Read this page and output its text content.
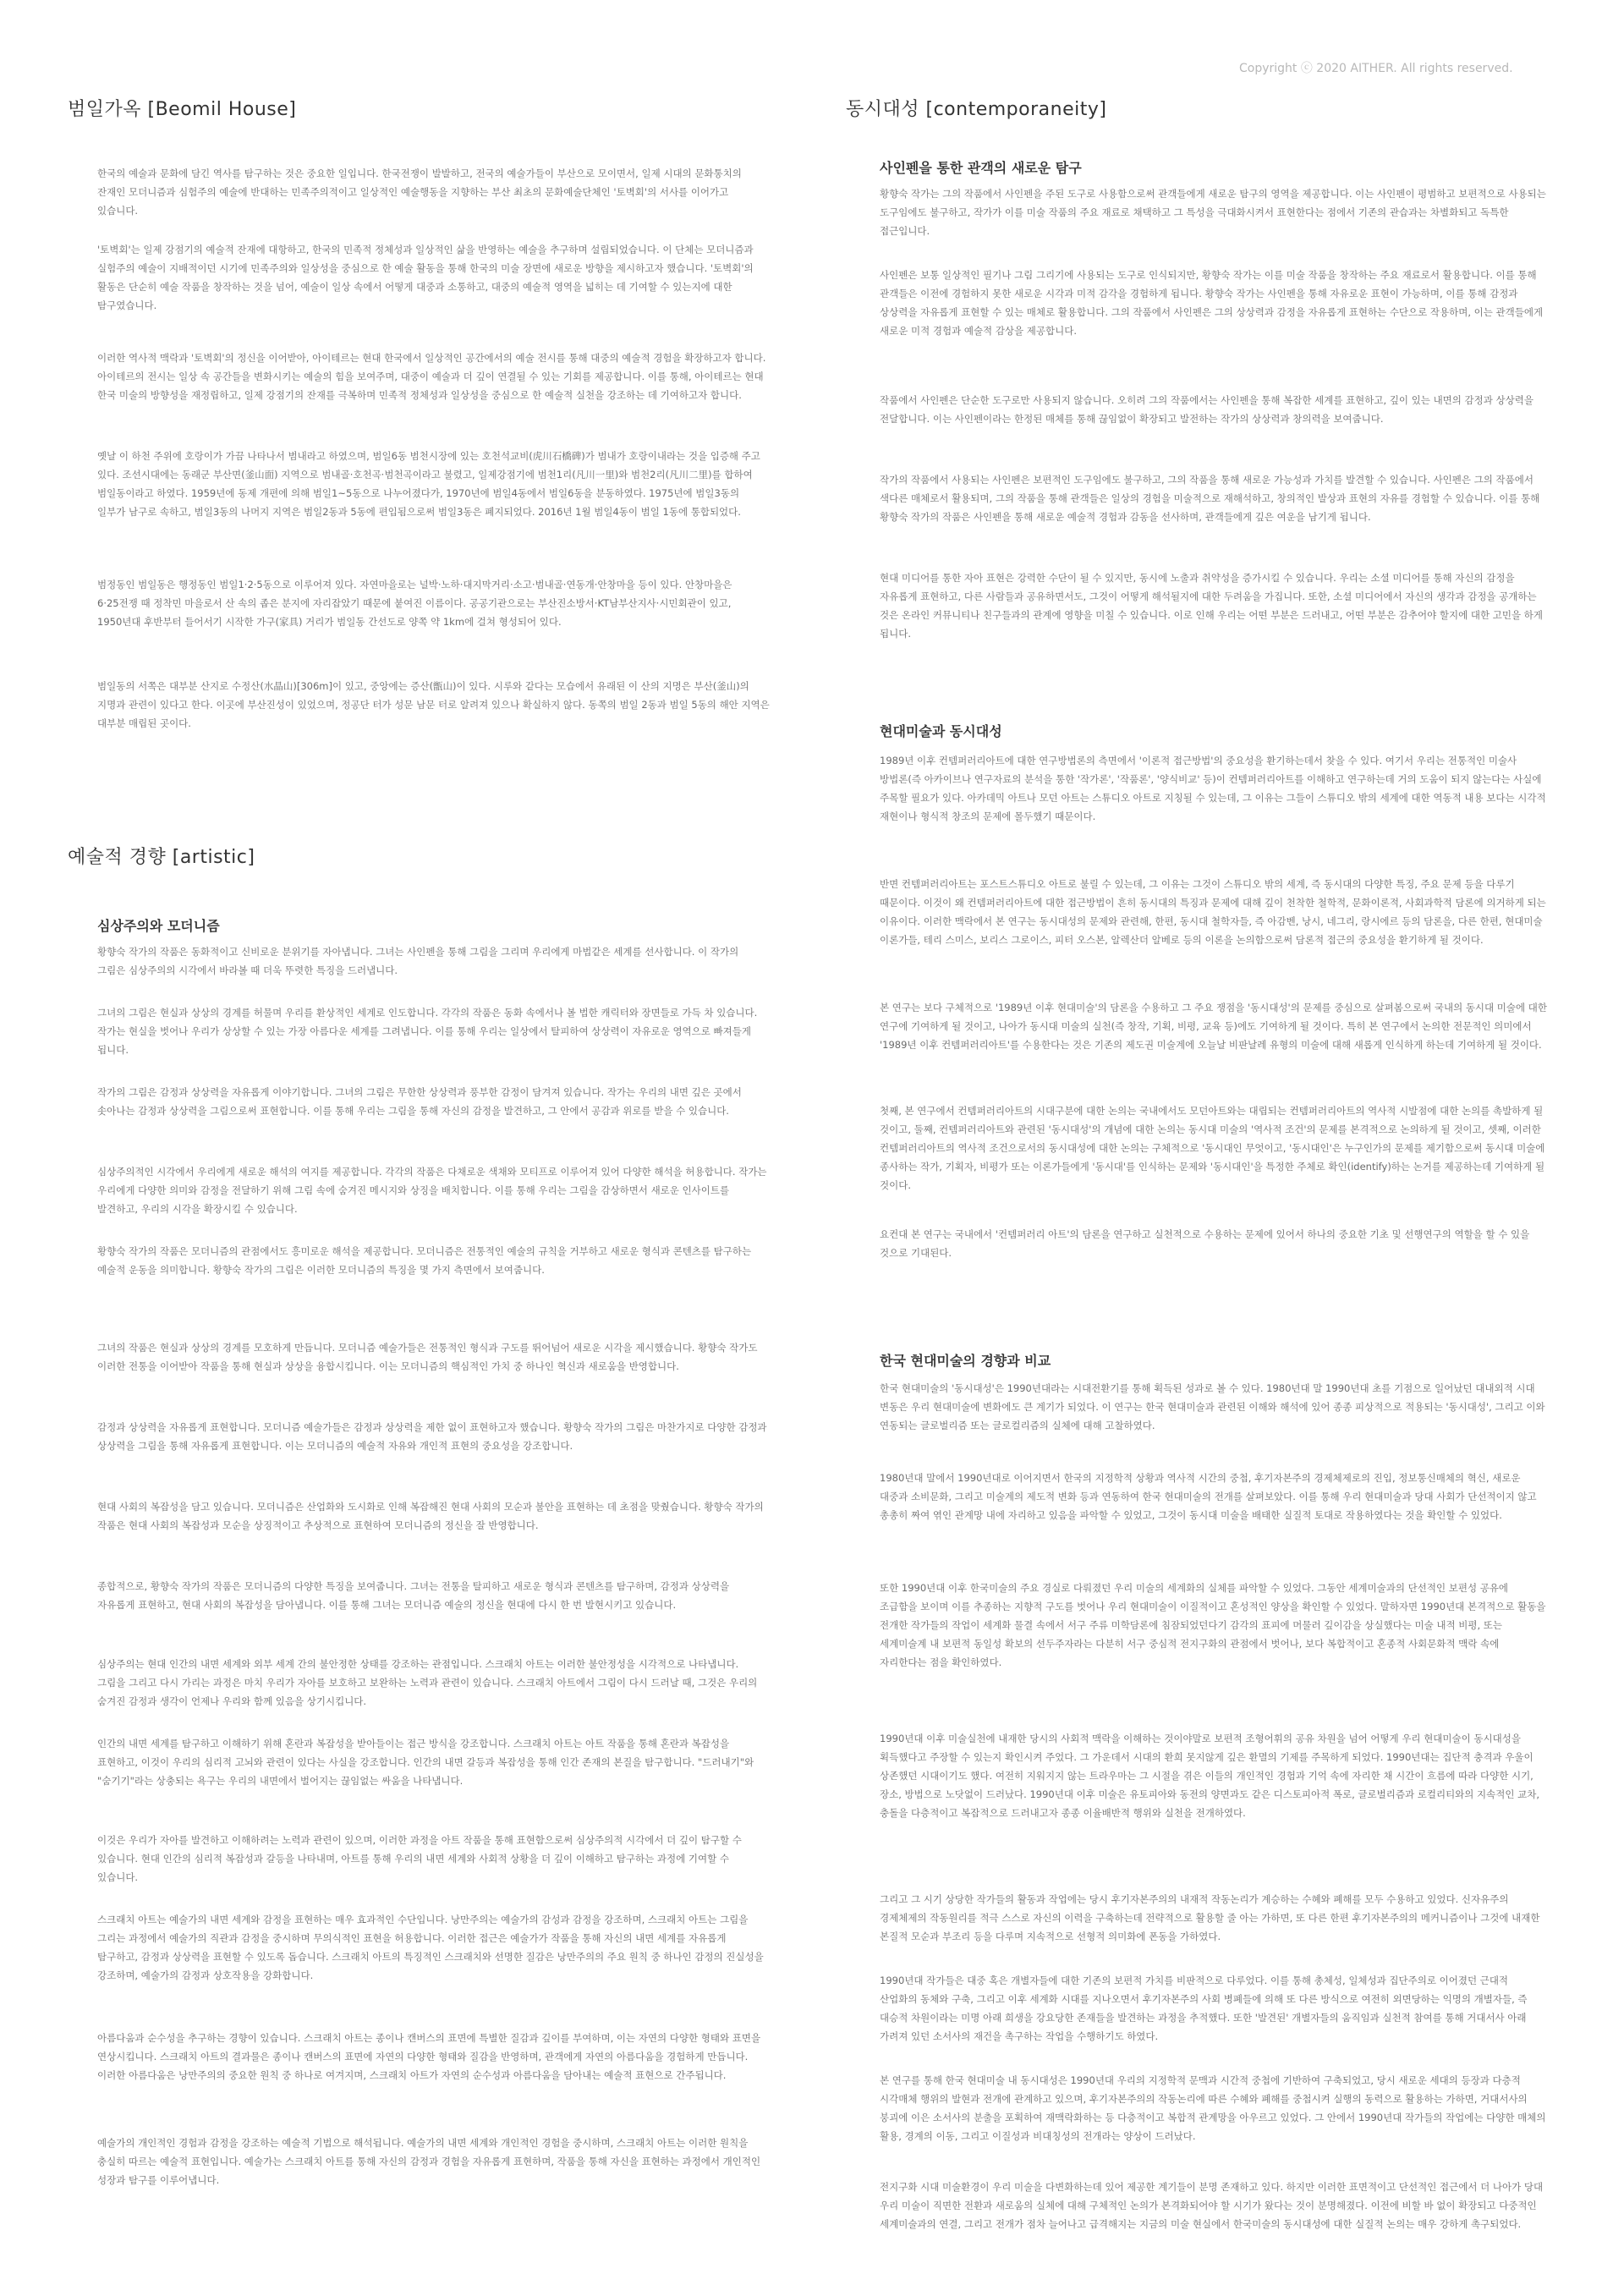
Copyright ⓒ 2020 AITHER. All rights reserved.
범일가옥 [Beomil House]

한국의 예술과 문화에 담긴 역사를 탐구하는 것은 중요한 일입니다. 한국전쟁이 발발하고, 전국의 예술가들이 부산으로 모이면서, 일제 시대의 문화통치의 잔재인 모더니즘과 심험주의 예술에 반대하는 민족주의적이고 일상적인 예술행동을 지향하는 부산 최초의 문화예술단체인 '토벽회'의 서사를 이어가고 있습니다.

'토벽회'는 일제 강점기의 예술적 잔재에 대항하고, 한국의 민족적 정체성과 일상적인 삶을 반영하는 예술을 추구하며 설립되었습니다. 이 단체는 모더니즘과 실험주의 예술이 지배적이던 시기에 민족주의와 일상성을 중심으로 한 예술 활동을 통해 한국의 미술 장면에 새로운 방향을 제시하고자 했습니다. '토벽회'의 활동은 단순히 예술 작품을 창작하는 것을 넘어, 예술이 일상 속에서 어떻게 대중과 소통하고, 대중의 예술적 영역을 넓히는 데 기여할 수 있는지에 대한 탐구였습니다.

이러한 역사적 맥락과 '토벽회'의 정신을 이어받아, 아이테르는 현대 한국에서 일상적인 공간에서의 예술 전시를 통해 대중의 예술적 경험을 확장하고자 합니다. 아이테르의 전시는 일상 속 공간들을 변화시키는 예술의 힘을 보여주며, 대중이 예술과 더 깊이 연결될 수 있는 기회를 제공합니다. 이를 통해, 아이테르는 현대 한국 미술의 방향성을 재정립하고, 일제 강점기의 잔재를 극복하며 민족적 정체성과 일상성을 중심으로 한 예술적 실천을 강조하는 데 기여하고자 합니다.

옛날 이 하천 주위에 호랑이가 가끔 나타나서 범내라고 하였으며, 범일6동 범천시장에 있는 호천석교비(虎川石橋碑)가 범내가 호랑이내라는 것을 입증해 주고 있다. 조선시대에는 동래군 부산면(釜山面) 지역으로 범내골·호천곡·범천곡이라고 불렸고, 일제강점기에 범천1리(凡川一里)와 범천2리(凡川二里)를 합하여 범일동이라고 하였다. 1959년에 동제 개편에 의해 범일1~5동으로 나누어졌다가, 1970년에 범일4동에서 범일6동을 분동하였다. 1975년에 범일3동의 일부가 남구로 속하고, 범일3동의 나머지 지역은 범일2동과 5동에 편입됨으로써 범일3동은 폐지되었다. 2016년 1월 범일4동이 범일 1동에 통합되었다.

범정동인 범일동은 행정동인 범일1·2·5동으로 이루어져 있다. 자연마을로는 널박·노하·대지막거리·소고·범내골·연동개·안창마을 등이 있다. 안창마을은 6·25전쟁 때 정착민 마을로서 산 속의 좁은 분지에 자리잡았기 때문에 붙여진 이름이다. 공공기관으로는 부산진소방서·KT남부산지사·시민회관이 있고, 1950년대 후반부터 들어서기 시작한 가구(家具) 거리가 범일동 간선도로 양쪽 약 1km에 걸쳐 형성되어 있다.

범일동의 서쪽은 대부분 산지로 수정산(水晶山)[306m]이 있고, 중앙에는 증산(甑山)이 있다. 시루와 같다는 모습에서 유래된 이 산의 지명은 부산(釜山)의 지명과 관련이 있다고 한다. 이곳에 부산진성이 있었으며, 정공단 터가 성문 남문 터로 알려져 있으나 확실하지 않다. 동쪽의 범일 2동과 범일 5동의 해안 지역은 대부분 매립된 곳이다.

예술적 경향 [artistic]
심상주의와 모더니즘

황향숙 작가의 작품은 동화적이고 신비로운 분위기를 자아냅니다. 그녀는 사인펜을 통해 그림을 그리며 우리에게 마법같은 세계를 선사합니다. 이 작가의 그림은 심상주의의 시각에서 바라볼 때 더욱 뚜렷한 특징을 드러냅니다.

그녀의 그림은 현실과 상상의 경계를 허물며 우리를 환상적인 세계로 인도합니다. 각각의 작품은 동화 속에서나 볼 법한 캐릭터와 장면들로 가득 차 있습니다. 작가는 현실을 벗어나 우리가 상상할 수 있는 가장 아름다운 세계를 그려냅니다. 이를 통해 우리는 일상에서 탈피하여 상상력이 자유로운 영역으로 빠져들게 됩니다.

작가의 그림은 감정과 상상력을 자유롭게 이야기합니다. 그녀의 그림은 무한한 상상력과 풍부한 감정이 담겨져 있습니다. 작가는 우리의 내면 깊은 곳에서 솟아나는 감정과 상상력을 그림으로써 표현합니다. 이를 통해 우리는 그림을 통해 자신의 감정을 발견하고, 그 안에서 공감과 위로를 받을 수 있습니다.

심상주의적인 시각에서 우리에게 새로운 해석의 여지를 제공합니다. 각각의 작품은 다채로운 색채와 모티프로 이루어져 있어 다양한 해석을 허용합니다. 작가는 우리에게 다양한 의미와 감정을 전달하기 위해 그림 속에 숨겨진 메시지와 상징을 배치합니다. 이를 통해 우리는 그림을 감상하면서 새로운 인사이트를 발견하고, 우리의 시각을 확장시킬 수 있습니다.

황향숙 작가의 작품은 모더니즘의 관점에서도 흥미로운 해석을 제공합니다. 모더니즘은 전통적인 예술의 규칙을 거부하고 새로운 형식과 콘텐츠를 탐구하는 예술적 운동을 의미합니다. 황향숙 작가의 그림은 이러한 모더니즘의 특징을 몇 가지 측면에서 보여줍니다.

그녀의 작품은 현실과 상상의 경계를 모호하게 만듭니다. 모더니즘 예술가들은 전통적인 형식과 구도를 뛰어넘어 새로운 시각을 제시했습니다. 황향숙 작가도 이러한 전통을 이어받아 작품을 통해 현실과 상상을 융합시킵니다. 이는 모더니즘의 핵심적인 가치 중 하나인 혁신과 새로움을 반영합니다.

감정과 상상력을 자유롭게 표현합니다. 모더니즘 예술가들은 감정과 상상력을 제한 없이 표현하고자 했습니다. 황향숙 작가의 그림은 마찬가지로 다양한 감정과 상상력을 그림을 통해 자유롭게 표현합니다. 이는 모더니즘의 예술적 자유와 개인적 표현의 중요성을 강조합니다.

현대 사회의 복잡성을 담고 있습니다. 모더니즘은 산업화와 도시화로 인해 복잡해진 현대 사회의 모순과 불안을 표현하는 데 초점을 맞췄습니다. 황향숙 작가의 작품은 현대 사회의 복잡성과 모순을 상징적이고 추상적으로 표현하여 모더니즘의 정신을 잘 반영합니다.

종합적으로, 황향숙 작가의 작품은 모더니즘의 다양한 특징을 보여줍니다. 그녀는 전통을 탈피하고 새로운 형식과 콘텐츠를 탐구하며, 감정과 상상력을 자유롭게 표현하고, 현대 사회의 복잡성을 담아냅니다. 이를 통해 그녀는 모더니즘 예술의 정신을 현대에 다시 한 번 발현시키고 있습니다.

심상주의는 현대 인간의 내면 세계와 외부 세계 간의 불안정한 상태를 강조하는 관점입니다. 스크래치 아트는 이러한 불안정성을 시각적으로 나타냅니다. 그림을 그리고 다시 가리는 과정은 마치 우리가 자아를 보호하고 보완하는 노력과 관련이 있습니다. 스크래치 아트에서 그림이 다시 드러날 때, 그것은 우리의 숨겨진 감정과 생각이 언제나 우리와 함께 있음을 상기시킵니다.

인간의 내면 세계를 탐구하고 이해하기 위해 혼란과 복잡성을 받아들이는 접근 방식을 강조합니다. 스크래치 아트는 아트 작품을 통해 혼란과 복잡성을 표현하고, 이것이 우리의 심리적 고뇌와 관련이 있다는 사실을 강조합니다. 인간의 내면 갈등과 복잡성을 통해 인간 존재의 본질을 탐구합니다. "드러내기"와 "숨기기"라는 상충되는 욕구는 우리의 내면에서 벌어지는 끊임없는 싸움을 나타냅니다.

이것은 우리가 자아를 발견하고 이해하려는 노력과 관련이 있으며, 이러한 과정을 아트 작품을 통해 표현함으로써 심상주의적 시각에서 더 깊이 탐구할 수 있습니다. 현대 인간의 심리적 복잡성과 갈등을 나타내며, 아트를 통해 우리의 내면 세계와 사회적 상황을 더 깊이 이해하고 탐구하는 과정에 기여할 수 있습니다.

스크래치 아트는 예술가의 내면 세계와 감정을 표현하는 매우 효과적인 수단입니다. 낭만주의는 예술가의 감성과 감정을 강조하며, 스크래치 아트는 그림을 그리는 과정에서 예술가의 직관과 감정을 중시하며 무의식적인 표현을 허용합니다. 이러한 접근은 예술가가 작품을 통해 자신의 내면 세계를 자유롭게 탐구하고, 감정과 상상력을 표현할 수 있도록 돕습니다. 스크래치 아트의 특징적인 스크래치와 선명한 질감은 낭만주의의 주요 원칙 중 하나인 감정의 진실성을 강조하며, 예술가의 감정과 상호작용을 강화합니다.

아름다움과 순수성을 추구하는 경향이 있습니다. 스크래치 아트는 종이나 캔버스의 표면에 특별한 질감과 깊이를 부여하며, 이는 자연의 다양한 형태와 표면을 연상시킵니다. 스크래치 아트의 결과물은 종이나 캔버스의 표면에 자연의 다양한 형태와 질감을 반영하며, 관객에게 자연의 아름다움을 경험하게 만듭니다. 이러한 아름다움은 낭만주의의 중요한 원칙 중 하나로 여겨지며, 스크래치 아트가 자연의 순수성과 아름다움을 담아내는 예술적 표현으로 간주됩니다.

예술가의 개인적인 경험과 감정을 강조하는 예술적 기법으로 해석됩니다. 예술가의 내면 세계와 개인적인 경험을 중시하며, 스크래치 아트는 이러한 원칙을 충실히 따르는 예술적 표현입니다. 예술가는 스크래치 아트를 통해 자신의 감정과 경험을 자유롭게 표현하며, 작품을 통해 자신을 표현하는 과정에서 개인적인 성장과 탐구를 이루어냅니다.

동시대성 [contemporaneity]
사인펜을 통한 관객의 새로운 탐구

황향숙 작가는 그의 작품에서 사인펜을 주된 도구로 사용함으로써 관객들에게 새로운 탐구의 영역을 제공합니다. 이는 사인펜이 평범하고 보편적으로 사용되는 도구임에도 불구하고, 작가가 이를 미술 작품의 주요 재료로 채택하고 그 특성을 극대화시켜서 표현한다는 점에서 기존의 관습과는 차별화되고 독특한 접근입니다.

사인펜은 보통 일상적인 필기나 그림 그리기에 사용되는 도구로 인식되지만, 황향숙 작가는 이를 미술 작품을 창작하는 주요 재료로서 활용합니다. 이를 통해 관객들은 이전에 경험하지 못한 새로운 시각과 미적 감각을 경험하게 됩니다. 황향숙 작가는 사인펜을 통해 자유로운 표현이 가능하며, 이를 통해 감정과 상상력을 자유롭게 표현할 수 있는 매체로 활용합니다. 그의 작품에서 사인펜은 그의 상상력과 감정을 자유롭게 표현하는 수단으로 작용하며, 이는 관객들에게 새로운 미적 경험과 예술적 감상을 제공합니다.

작품에서 사인펜은 단순한 도구로만 사용되지 않습니다. 오히려 그의 작품에서는 사인펜을 통해 복잡한 세계를 표현하고, 깊이 있는 내면의 감정과 상상력을 전달합니다. 이는 사인펜이라는 한정된 매체를 통해 끊임없이 확장되고 발전하는 작가의 상상력과 창의력을 보여줍니다.

작가의 작품에서 사용되는 사인펜은 보편적인 도구임에도 불구하고, 그의 작품을 통해 새로운 가능성과 가치를 발견할 수 있습니다. 사인펜은 그의 작품에서 색다른 매체로서 활용되며, 그의 작품을 통해 관객들은 일상의 경험을 미술적으로 재해석하고, 창의적인 발상과 표현의 자유를 경험할 수 있습니다. 이를 통해 황향숙 작가의 작품은 사인펜을 통해 새로운 예술적 경험과 감동을 선사하며, 관객들에게 깊은 여운을 남기게 됩니다.

현대 미디어를 통한 자아 표현은 강력한 수단이 될 수 있지만, 동시에 노출과 취약성을 증가시킬 수 있습니다. 우리는 소셜 미디어를 통해 자신의 감정을 자유롭게 표현하고, 다른 사람들과 공유하면서도, 그것이 어떻게 해석될지에 대한 두려움을 가집니다. 또한, 소셜 미디어에서 자신의 생각과 감정을 공개하는 것은 온라인 커뮤니티나 친구들과의 관계에 영향을 미칠 수 있습니다. 이로 인해 우리는 어떤 부분은 드러내고, 어떤 부분은 감추어야 할지에 대한 고민을 하게 됩니다.

현대미술과 동시대성

1989년 이후 컨템퍼러리아트에 대한 연구방법론의 측면에서 '이론적 접근방법'의 중요성을 환기하는데서 찾을 수 있다. 여기서 우리는 전통적인 미술사 방법론(즉 아카이브나 연구자료의 분석을 통한 '작가론', '작품론', '양식비교' 등)이 컨템퍼러리아트를 이해하고 연구하는데 거의 도움이 되지 않는다는 사실에 주목할 필요가 있다. 아카데믹 아트나 모던 아트는 스튜디오 아트로 지칭될 수 있는데, 그 이유는 그들이 스튜디오 밖의 세계에 대한 역동적 내용 보다는 시각적 재현이나 형식적 창조의 문제에 몰두했기 때문이다.

반면 컨템퍼러리아트는 포스트스튜디오 아트로 불릴 수 있는데, 그 이유는 그것이 스튜디오 밖의 세계, 즉 동시대의 다양한 특징, 주요 문제 등을 다루기 때문이다. 이것이 왜 컨템퍼러리아트에 대한 접근방법이 흔히 동시대의 특징과 문제에 대해 깊이 천착한 철학적, 문화이론적, 사회과학적 담론에 의거하게 되는 이유이다. 이러한 맥락에서 본 연구는 동시대성의 문제와 관련해, 한편, 동시대 철학자들, 즉 아감벤, 낭시, 네그리, 랑시에르 등의 담론을, 다른 한편, 현대미술 이론가들, 테리 스미스, 보리스 그로이스, 피터 오스본, 알렉산더 알베로 등의 이론을 논의함으로써 담론적 접근의 중요성을 환기하게 될 것이다.

본 연구는 보다 구체적으로 '1989년 이후 현대미술'의 담론을 수용하고 그 주요 쟁점을 '동시대성'의 문제를 중심으로 살펴봄으로써 국내의 동시대 미술에 대한 연구에 기여하게 될 것이고, 나아가 동시대 미술의 실천(즉 창작, 기획, 비평, 교육 등)에도 기여하게 될 것이다. 특히 본 연구에서 논의한 전문적인 의미에서 '1989년 이후 컨템퍼러리아트'를 수용한다는 것은 기존의 제도권 미술계에 오늘날 비판날레 유형의 미술에 대해 새롭게 인식하게 하는데 기여하게 될 것이다.

첫째, 본 연구에서 컨템퍼러리아트의 시대구분에 대한 논의는 국내에서도 모던아트와는 대립되는 컨템퍼러리아트의 역사적 시발점에 대한 논의를 촉발하게 될 것이고, 둘째, 컨템퍼러리아트와 관련된 '동시대성'의 개념에 대한 논의는 동시대 미술의 '역사적 조건'의 문제를 본격적으로 논의하게 될 것이고, 셋째, 이러한 컨템퍼러리아트의 역사적 조건으로서의 동시대성에 대한 논의는 구체적으로 '동시대인 무엇이고, '동시대인'은 누구인가의 문제를 제기함으로써 동시대 미술에 종사하는 작가, 기획자, 비평가 또는 이론가들에게 '동시대'를 인식하는 문제와 '동시대인'을 특정한 주체로 확인(identify)하는 논거를 제공하는데 기여하게 될 것이다.

요컨대 본 연구는 국내에서 '컨템퍼러리 아트'의 담론을 연구하고 실천적으로 수용하는 문제에 있어서 하나의 중요한 기초 및 선행연구의 역할을 할 수 있을 것으로 기대된다.

한국 현대미술의 경향과 비교

한국 현대미술의 '동시대성'은 1990년대라는 시대전환기를 통해 획득된 성과로 볼 수 있다. 1980년대 말 1990년대 초를 기점으로 일어났던 대내외적 시대 변동은 우리 현대미술에 변화에도 큰 계기가 되었다. 이 연구는 한국 현대미술과 관련된 이해와 해석에 있어 종종 피상적으로 적용되는 '동시대성', 그리고 이와 연동되는 글로벌리즘 또는 글로컬리즘의 실체에 대해 고찰하였다.

1980년대 말에서 1990년대로 이어지면서 한국의 지정학적 상황과 역사적 시간의 중첩, 후기자본주의 경제체제로의 진입, 정보통신매체의 혁신, 새로운 대중과 소비문화, 그리고 미술계의 제도적 변화 등과 연동하여 한국 현대미술의 전개를 살펴보았다. 이를 통해 우리 현대미술과 당대 사회가 단선적이지 않고 총총히 짜여 엮인 관계망 내에 자리하고 있음을 파악할 수 있었고, 그것이 동시대 미술을 배태한 실질적 토대로 작용하였다는 것을 확인할 수 있었다.

또한 1990년대 이후 한국미술의 주요 경실로 다뤄졌던 우리 미술의 세계화의 실체를 파악할 수 있었다. 그동안 세계미술과의 단선적인 보편성 공유에 조급함을 보이며 이를 추종하는 지향적 구도를 벗어나 우리 현대미술이 이질적이고 혼성적인 양상을 확인할 수 있었다. 말하자면 1990년대 본격적으로 활동을 전개한 작가들의 작업이 세계화 물결 속에서 서구 주류 미학담론에 침잠되었던다기 감각의 표피에 머물러 깊이감을 상실했다는 미술 내적 비평, 또는 세계미술계 내 보편적 동일성 확보의 선두주자라는 다분히 서구 중심적 전지구화의 관점에서 벗어나, 보다 복합적이고 혼종적 사회문화적 맥락 속에 자리한다는 점을 확인하였다.

1990년대 이후 미술실천에 내재한 당시의 사회적 맥락을 이해하는 것이야말로 보편적 조형어휘의 공유 차원을 넘어 어떻게 우리 현대미술이 동시대성을 획득했다고 주장할 수 있는지 확인시켜 주었다. 그 가운데서 시대의 환희 못지않게 깊은 환멸의 기제를 주목하게 되었다. 1990년대는 집단적 충격과 우울이 상존했던 시대이기도 했다. 여전히 지워지지 않는 트라우마는 그 시절을 겪은 이들의 개인적인 경험과 기억 속에 자리한 채 시간이 흐름에 따라 다양한 시기, 장소, 방법으로 노닷없이 드러났다. 1990년대 이후 미술은 유토피아와 동전의 양면과도 같은 디스토피아적 폭로, 글로벌리즘과 로컬리티와의 지속적인 교차, 충돌을 다층적이고 복잡적으로 드러내고자 종종 이율배반적 행위와 실천을 전개하였다.

그리고 그 시기 상당한 작가들의 활동과 작업에는 당시 후기자본주의의 내재적 작동논리가 계승하는 수혜와 폐해를 모두 수용하고 있었다. 신자유주의 경제체제의 작동원리를 적극 스스로 자신의 이력을 구축하는데 전략적으로 활용할 줄 아는 가하면, 또 다른 한편 후기자본주의의 메커니즘이나 그것에 내재한 본질적 모순과 부조리 등을 다루며 지속적으로 선형적 의미화에 폰동을 가하였다.

1990년대 작가들은 대중 혹은 개별자들에 대한 기존의 보편적 가치를 비판적으로 다루었다. 이를 통해 총체성, 일체성과 집단주의로 이어졌던 근대적 산업화의 동체와 구축, 그리고 이후 세계화 시대를 지나오면서 후기자본주의 사회 병폐들에 의해 또 다른 방식으로 여전히 외면당하는 익명의 개별자들, 즉 대승적 차원이라는 미명 아래 희생을 강요당한 존재들을 발견하는 과정을 추적했다. 또한 '발견된' 개별자들의 움직임과 실천적 참여를 통해 거대서사 아래 가려져 있던 소서사의 재건을 촉구하는 작업을 수행하기도 하였다.

본 연구를 통해 한국 현대미술 내 동시대성은 1990년대 우리의 지정학적 문맥과 시간적 중첩에 기반하여 구축되었고, 당시 새로운 세대의 등장과 다층적 시각매체 행위의 발현과 전개에 관계하고 있으며, 후기자본주의의 작동논리에 따른 수혜와 폐해를 중첩시켜 실행의 동력으로 활용하는 가하면, 거대서사의 붕괴에 이은 소서사의 분출을 포획하여 재맥락화하는 등 다층적이고 복합적 관계망을 아우르고 있었다. 그 안에서 1990년대 작가들의 작업에는 다양한 매체의 활용, 경계의 이동, 그리고 이질성과 비대칭성의 전개라는 양상이 드러났다.

전지구화 시대 미술환경이 우리 미술을 다변화하는데 있어 제공한 계기들이 분명 존재하고 있다. 하지만 이러한 표면적이고 단선적인 접근에서 더 나아가 당대 우리 미술이 직면한 전환과 새로움의 실체에 대해 구체적인 논의가 본격화되어야 할 시기가 왔다는 것이 분명해졌다. 이전에 비할 바 없이 확장되고 다중적인 세계미술과의 연결, 그리고 전개가 점차 늘어나고 급격해지는 지금의 미술 현실에서 한국미술의 동시대성에 대한 실질적 논의는 매우 강하게 촉구되었다.
